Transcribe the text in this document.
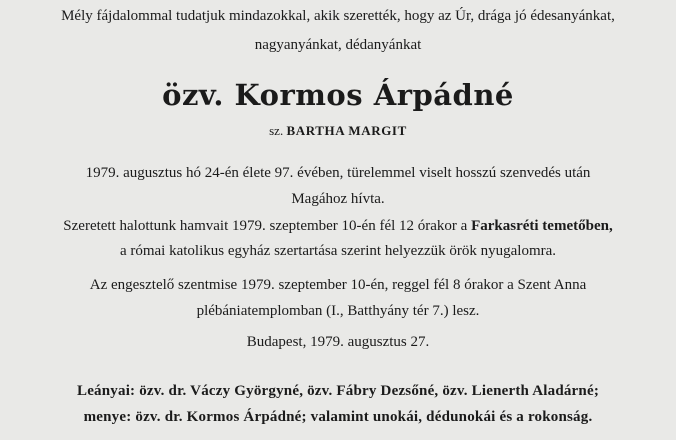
Mély fájdalommal tudatjuk mindazokkal, akik szerették, hogy az Úr, drága jó édesanyánkat,
nagyanyánkat, dédanyánkat
özv. Kormos Árpádné
sz. BARTHA MARGIT
1979. augusztus hó 24-én élete 97. évében, türelemmel viselt hosszú szenvedés után
Magához hívta.
Szeretett halottunk hamvait 1979. szeptember 10-én fél 12 órakor a Farkasréti temetőben,
a római katolikus egyház szertartása szerint helyezzük örök nyugalomra.
Az engesztelő szentmise 1979. szeptember 10-én, reggel fél 8 órakor a Szent Anna
plébániatemplomban (I., Batthyány tér 7.) lesz.
Budapest, 1979. augusztus 27.
Leányai: özv. dr. Váczy Györgyné, özv. Fábry Dezsőné, özv. Lienerth Aladárné;
menye: özv. dr. Kormos Árpádné; valamint unokái, dédunokái és a rokonság.
